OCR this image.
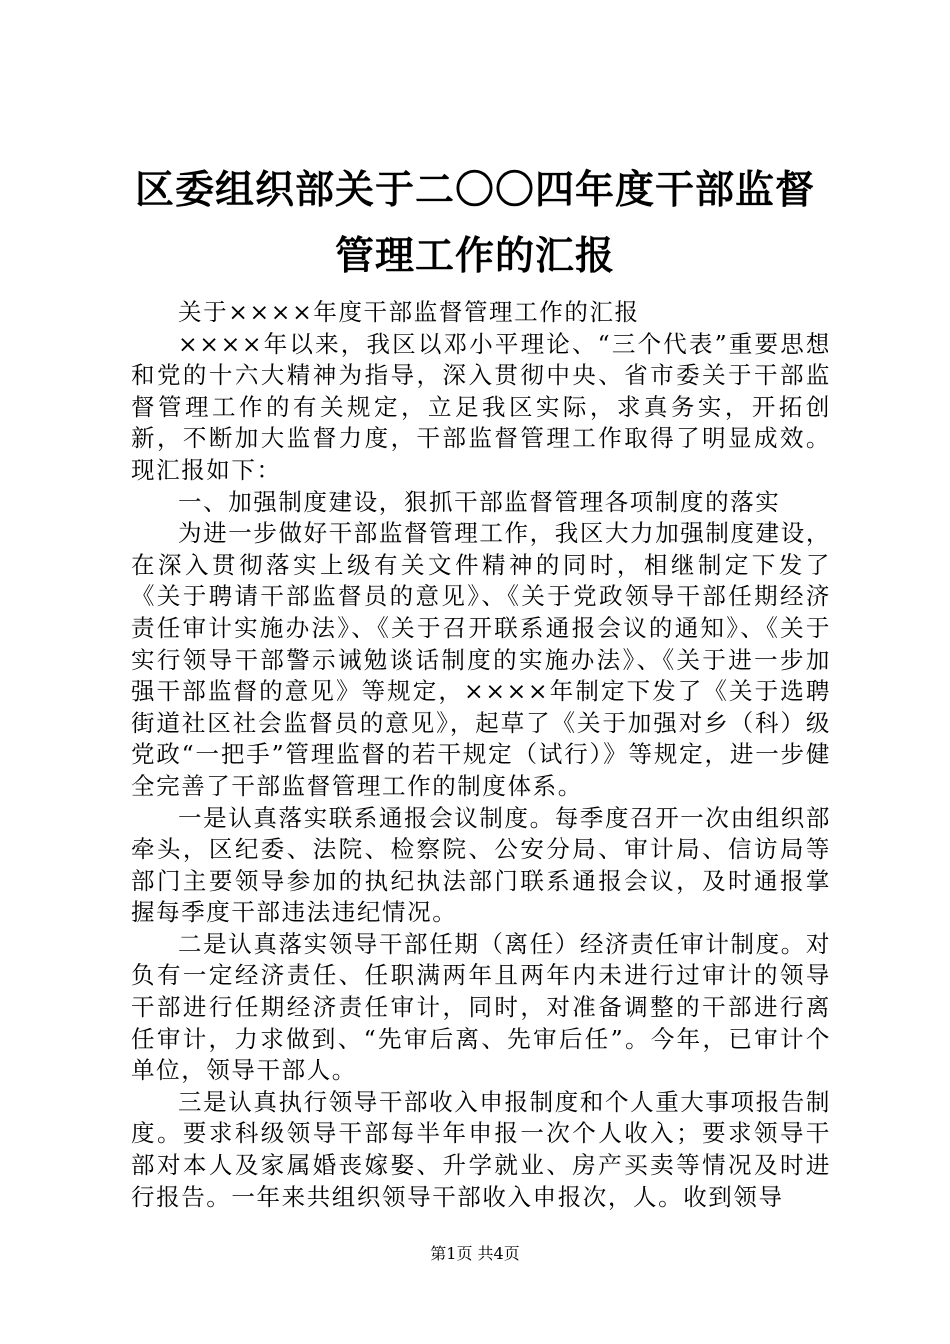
区委组织部关于二〇〇四年度干部监督管理工作的汇报

关于××××年度干部监督管理工作的汇报

××××年以来，我区以邓小平理论、“三个代表”重要思想和党的十六大精神为指导，深入贯彻中央、省市委关于干部监督管理工作的有关规定，立足我区实际，求真务实，开拓创新，不断加大监督力度，干部监督管理工作取得了明显成效。现汇报如下：

一、加强制度建设，狠抓干部监督管理各项制度的落实

为进一步做好干部监督管理工作，我区大力加强制度建设，在深入贯彻落实上级有关文件精神的同时，相继制定下发了《关于聘请干部监督员的意见》、《关于党政领导干部任期经济责任审计实施办法》、《关于召开联系通报会议的通知》、《关于实行领导干部警示诫勉谈话制度的实施办法》、《关于进一步加强干部监督的意见》等规定，××××年制定下发了《关于选聘街道社区社会监督员的意见》，起草了《关于加强对乡（科）级党政“一把手”管理监督的若干规定（试行）》等规定，进一步健全完善了干部监督管理工作的制度体系。

一是认真落实联系通报会议制度。每季度召开一次由组织部牵头，区纪委、法院、检察院、公安分局、审计局、信访局等部门主要领导参加的执纪执法部门联系通报会议，及时通报掌握每季度干部违法违纪情况。

二是认真落实领导干部任期（离任）经济责任审计制度。对负有一定经济责任、任职满两年且两年内未进行过审计的领导干部进行任期经济责任审计，同时，对准备调整的干部进行离任审计，力求做到、“先审后离、先审后任”。今年，已审计个单位，领导干部人。

三是认真执行领导干部收入申报制度和个人重大事项报告制度。要求科级领导干部每半年申报一次个人收入；要求领导干部对本人及家属婚丧嫁娶、升学就业、房产买卖等情况及时进行报告。一年来共组织领导干部收入申报次，人。收到领导

第1页 共4页
